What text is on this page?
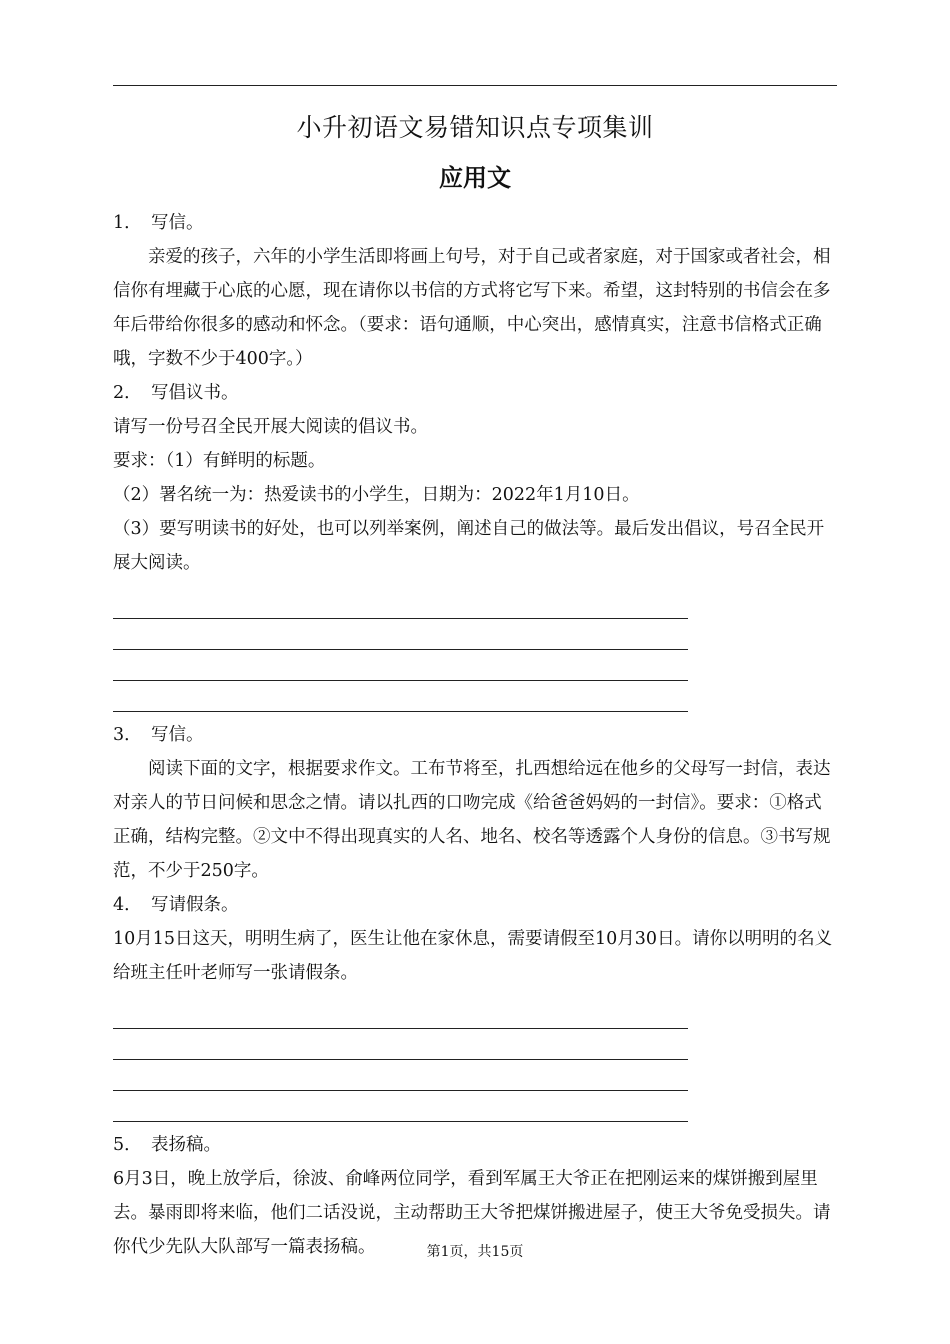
小升初语文易错知识点专项集训
应用文

1． 写信。

亲爱的孩子，六年的小学生活即将画上句号，对于自己或者家庭，对于国家或者社会，相信你有埋藏于心底的心愿，现在请你以书信的方式将它写下来。希望，这封特别的书信会在多年后带给你很多的感动和怀念。（要求：语句通顺，中心突出，感情真实，注意书信格式正确哦，字数不少于400字。）

2． 写倡议书。

请写一份号召全民开展大阅读的倡议书。

要求：（1）有鲜明的标题。

（2）署名统一为：热爱读书的小学生，日期为：2022年1月10日。

（3）要写明读书的好处，也可以列举案例，阐述自己的做法等。最后发出倡议，号召全民开展大阅读。

3． 写信。

阅读下面的文字，根据要求作文。工布节将至，扎西想给远在他乡的父母写一封信，表达对亲人的节日问候和思念之情。请以扎西的口吻完成《给爸爸妈妈的一封信》。要求：①格式正确，结构完整。②文中不得出现真实的人名、地名、校名等透露个人身份的信息。③书写规范，不少于250字。

4． 写请假条。

10月15日这天，明明生病了，医生让他在家休息，需要请假至10月30日。请你以明明的名义给班主任叶老师写一张请假条。

5． 表扬稿。

6月3日，晚上放学后，徐波、俞峰两位同学，看到军属王大爷正在把刚运来的煤饼搬到屋里去。暴雨即将来临，他们二话没说，主动帮助王大爷把煤饼搬进屋子，使王大爷免受损失。请你代少先队大队部写一篇表扬稿。	第1页，共15页
